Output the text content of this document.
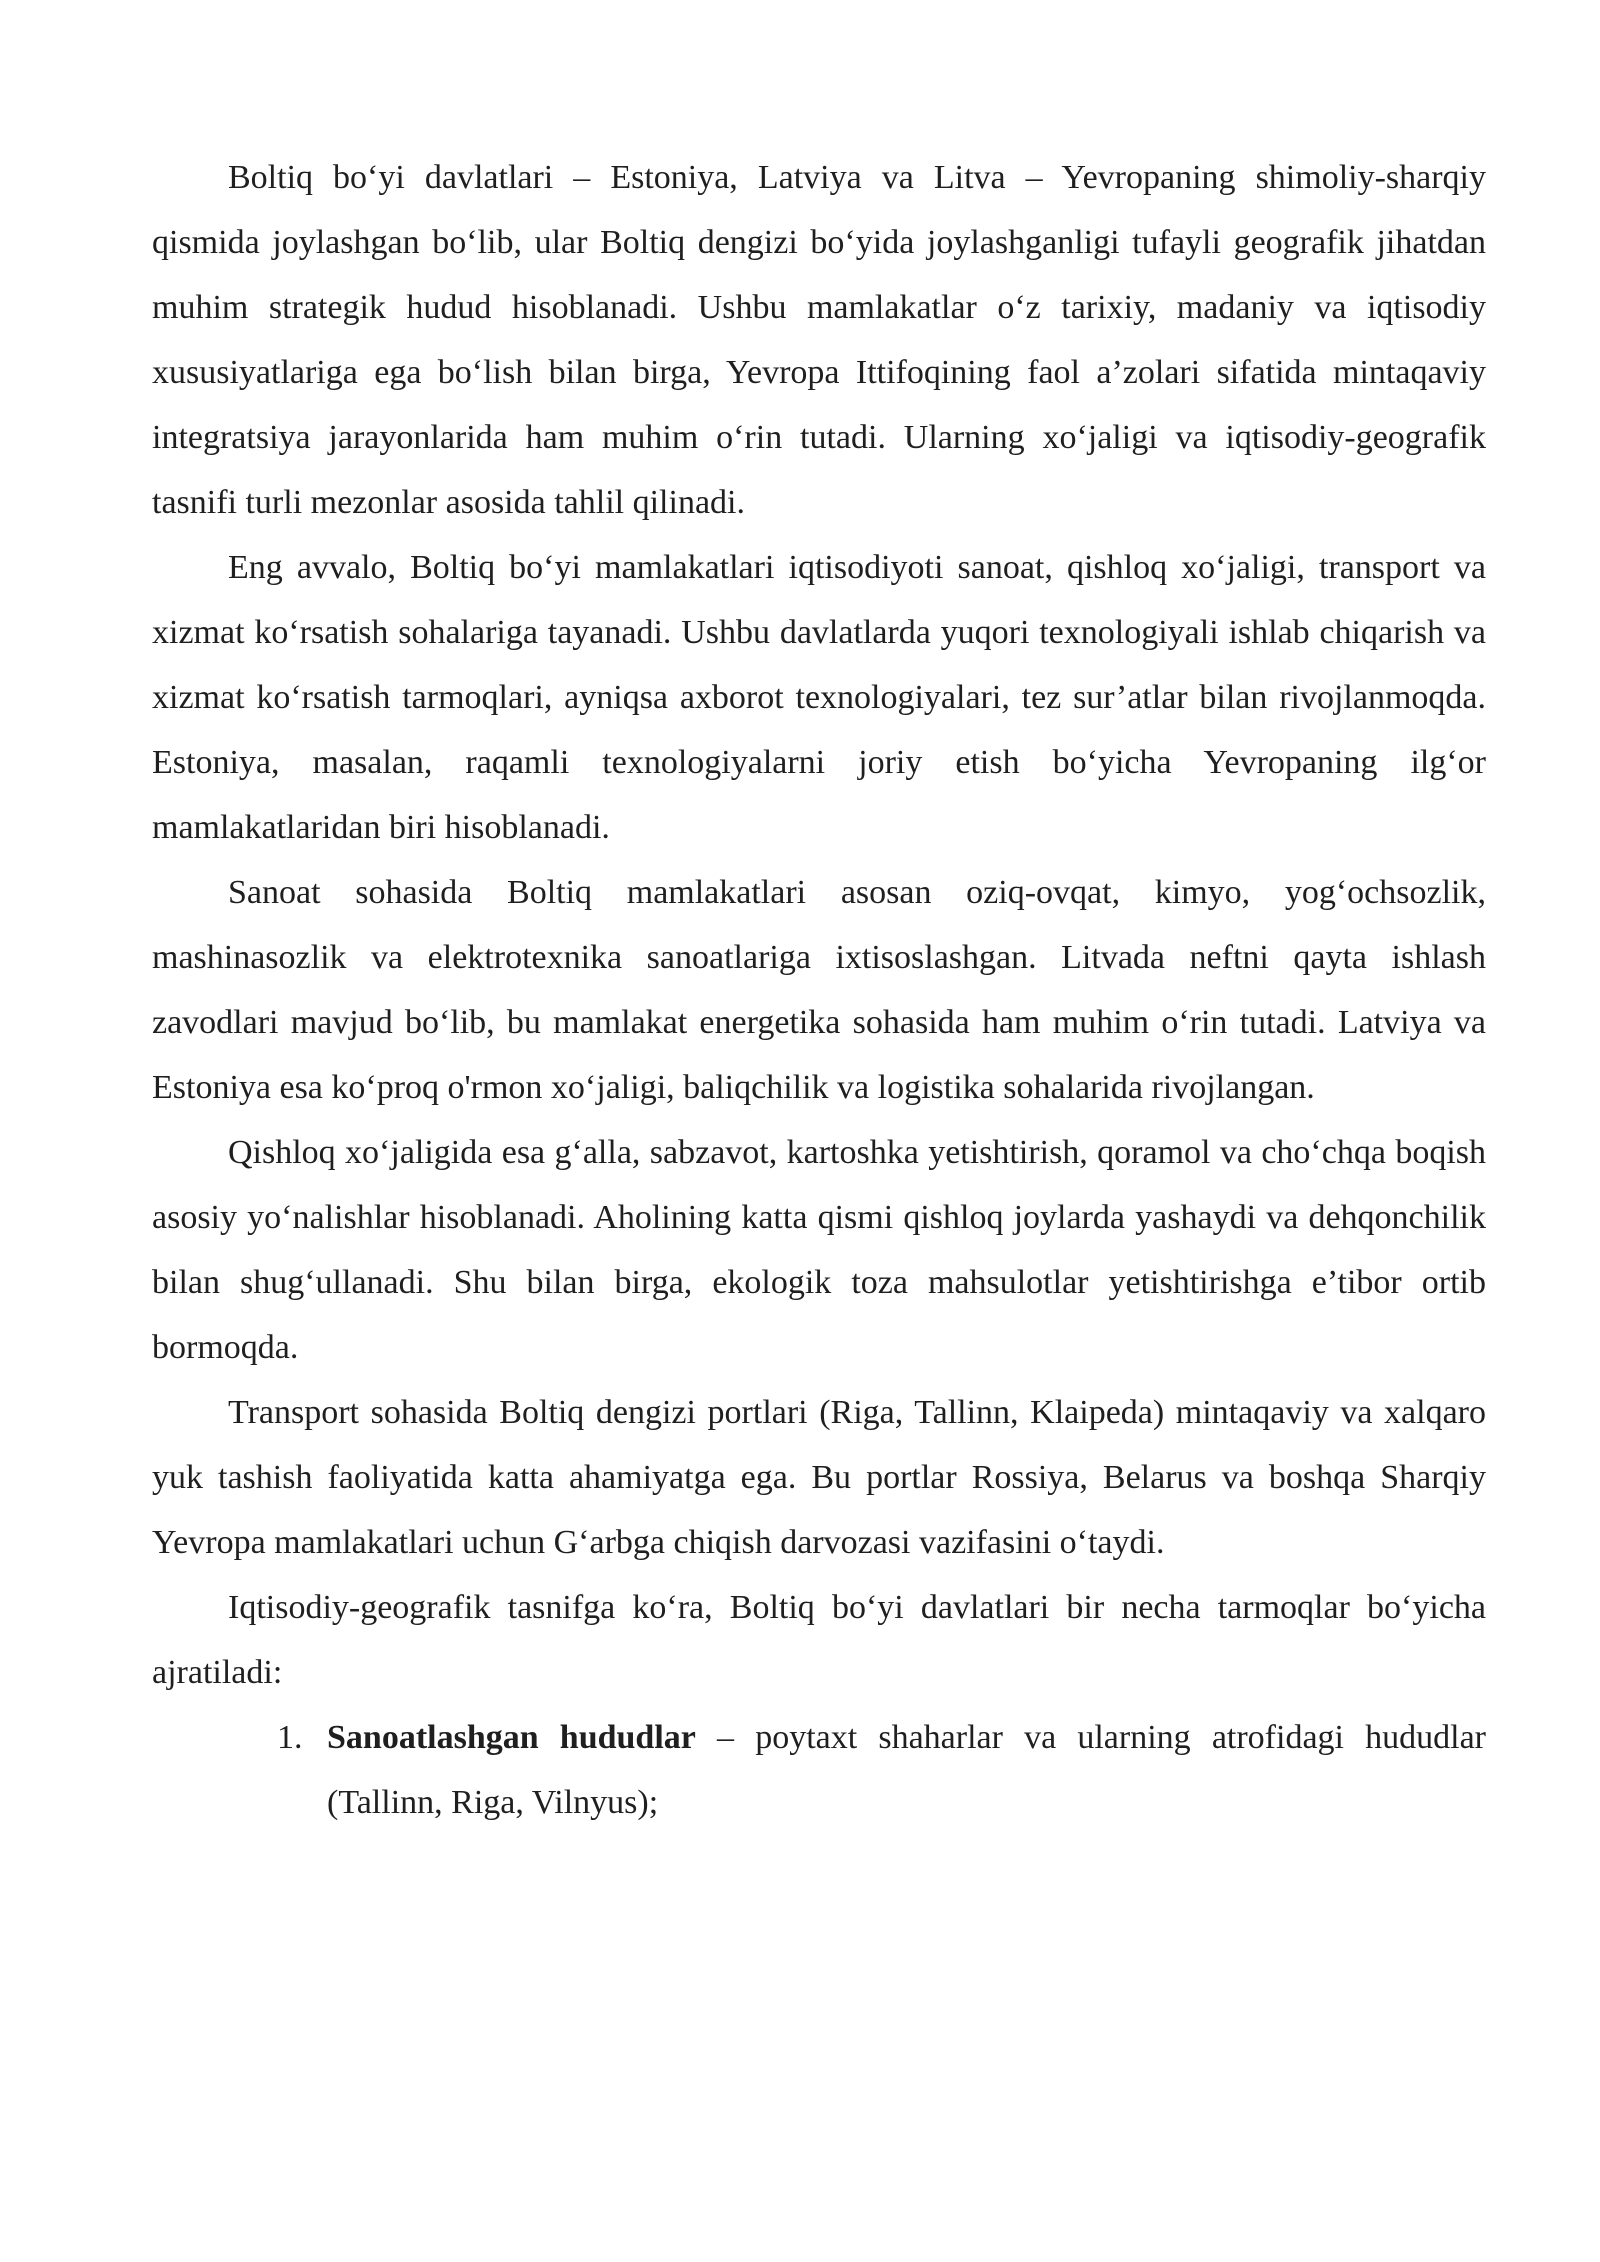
Boltiq bo‘yi davlatlari – Estoniya, Latviya va Litva – Yevropaning shimoliy-sharqiy qismida joylashgan bo‘lib, ular Boltiq dengizi bo‘yida joylashganligi tufayli geografik jihatdan muhim strategik hudud hisoblanadi. Ushbu mamlakatlar o‘z tarixiy, madaniy va iqtisodiy xususiyatlariga ega bo‘lish bilan birga, Yevropa Ittifoqining faol a’zolari sifatida mintaqaviy integratsiya jarayonlarida ham muhim o‘rin tutadi. Ularning xo‘jaligi va iqtisodiy-geografik tasnifi turli mezonlar asosida tahlil qilinadi.

Eng avvalo, Boltiq bo‘yi mamlakatlari iqtisodiyoti sanoat, qishloq xo‘jaligi, transport va xizmat ko‘rsatish sohalariga tayanadi. Ushbu davlatlarda yuqori texnologiyali ishlab chiqarish va xizmat ko‘rsatish tarmoqlari, ayniqsa axborot texnologiyalari, tez sur’atlar bilan rivojlanmoqda. Estoniya, masalan, raqamli texnologiyalarni joriy etish bo‘yicha Yevropaning ilg‘or mamlakatlaridan biri hisoblanadi.

Sanoat sohasida Boltiq mamlakatlari asosan oziq-ovqat, kimyo, yog‘ochsozlik, mashinasozlik va elektrotexnika sanoatlariga ixtisoslashgan. Litvada neftni qayta ishlash zavodlari mavjud bo‘lib, bu mamlakat energetika sohasida ham muhim o‘rin tutadi. Latviya va Estoniya esa ko‘proq o'rmon xo‘jaligi, baliqchilik va logistika sohalarida rivojlangan.

Qishloq xo‘jaligida esa g‘alla, sabzavot, kartoshka yetishtirish, qoramol va cho‘chqa boqish asosiy yo‘nalishlar hisoblanadi. Aholining katta qismi qishloq joylarda yashaydi va dehqonchilik bilan shug‘ullanadi. Shu bilan birga, ekologik toza mahsulotlar yetishtirishga e’tibor ortib bormoqda.

Transport sohasida Boltiq dengizi portlari (Riga, Tallinn, Klaipeda) mintaqaviy va xalqaro yuk tashish faoliyatida katta ahamiyatga ega. Bu portlar Rossiya, Belarus va boshqa Sharqiy Yevropa mamlakatlari uchun G‘arbga chiqish darvozasi vazifasini o‘taydi.

Iqtisodiy-geografik tasnifga ko‘ra, Boltiq bo‘yi davlatlari bir necha tarmoqlar bo‘yicha ajratiladi:

1. Sanoatlashgan hududlar – poytaxt shaharlar va ularning atrofidagi hududlar (Tallinn, Riga, Vilnyus);
